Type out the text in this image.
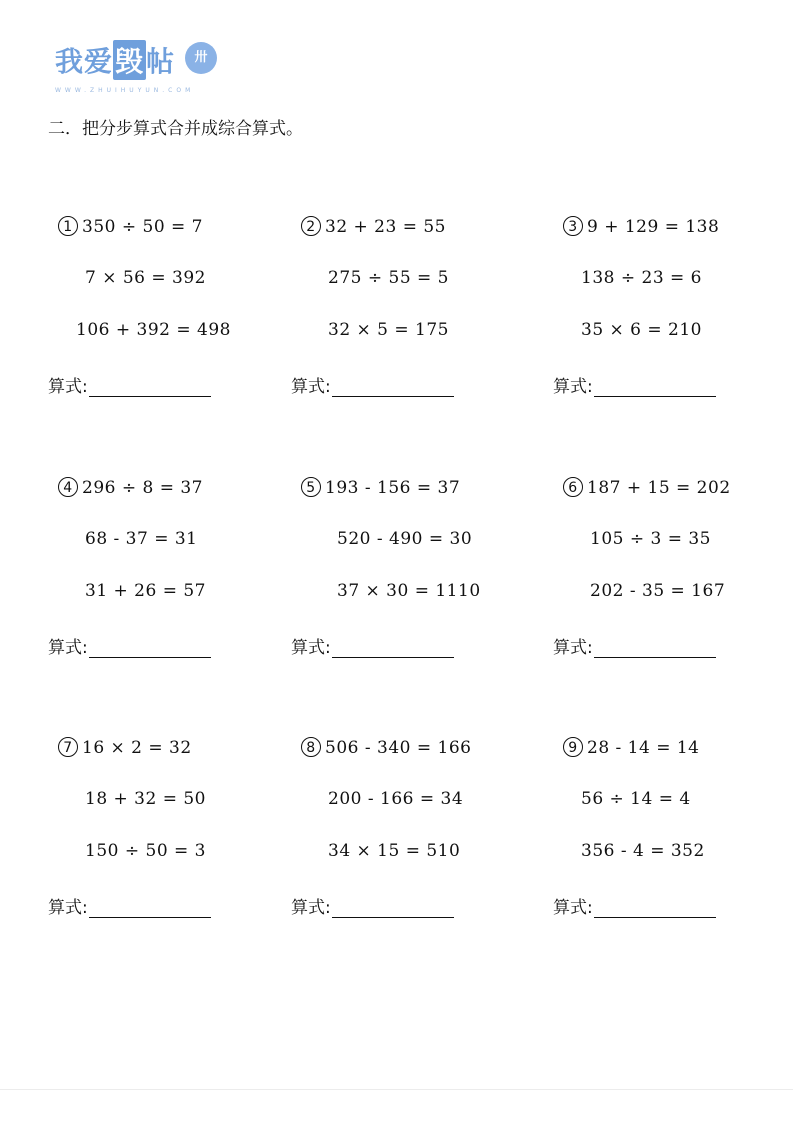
我爱毁帖	卅
WWW.ZHUIHUYUN.COM
二．把分步算式合并成综合算式。
1 350 ÷ 50 = 7
7 × 56 = 392
106 + 392 = 498
算式:
2 32 + 23 = 55
275 ÷ 55 = 5
32 × 5 = 175
算式:
3 9 + 129 = 138
138 ÷ 23 = 6
35 × 6 = 210
算式:
4 296 ÷ 8 = 37
68 - 37 = 31
31 + 26 = 57
算式:
5 193 - 156 = 37
520 - 490 = 30
37 × 30 = 1110
算式:
6 187 + 15 = 202
105 ÷ 3 = 35
202 - 35 = 167
算式:
7 16 × 2 = 32
18 + 32 = 50
150 ÷ 50 = 3
算式:
8 506 - 340 = 166
200 - 166 = 34
34 × 15 = 510
算式:
9 28 - 14 = 14
56 ÷ 14 = 4
356 - 4 = 352
算式:
